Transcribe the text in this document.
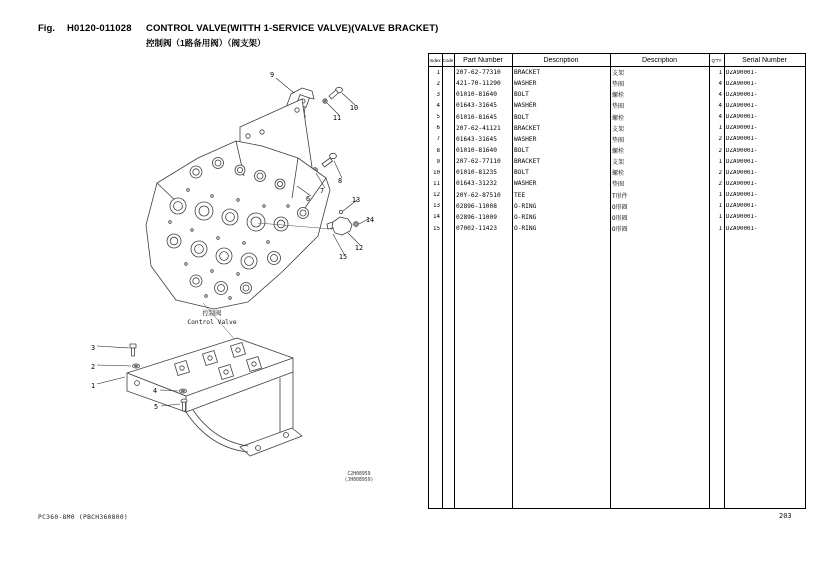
Fig. H0120-011028 CONTROL VALVE(WITTH 1-SERVICE VALVE)(VALVE BRACKET)
控制阀（1路备用阀）（阀支架）
1
2
3
4
5
6
7
8
9
10
11
12
13
14
15
控制阀
Control Valve
C2H08959
(JH008959)
Index Code	Part Number	Description	Description	Q'TY	Serial Number
1	207-62-77310	BRACKET	支架	1 DZA90001-
2	421-70-11290	WASHER	垫圈	4 DZA90001-
3	01010-81640	BOLT	螺栓	4 DZA90001-
4	01643-31645	WASHER	垫圈	4 DZA90001-
5	01010-81645	BOLT	螺栓	4 DZA90001-
6	207-62-41121	BRACKET	支架	1 DZA90001-
7	01643-31645	WASHER	垫圈	2 DZA90001-
8	01010-81640	BOLT	螺栓	2 DZA90001-
9	207-62-77110	BRACKET	支架	1 DZA90001-
10	01010-81235	BOLT	螺栓	2 DZA90001-
11	01643-31232	WASHER	垫圈	2 DZA90001-
12	20Y-62-87510	TEE	T形件	1 DZA90001-
13	02896-11008	O-RING	O形圈	1 DZA90001-
14	02896-11009	O-RING	O形圈	1 DZA90001-
15	07002-11423	O-RING	O形圈	1 DZA90001-
PC360-8M0 (PBCH360800)	203
